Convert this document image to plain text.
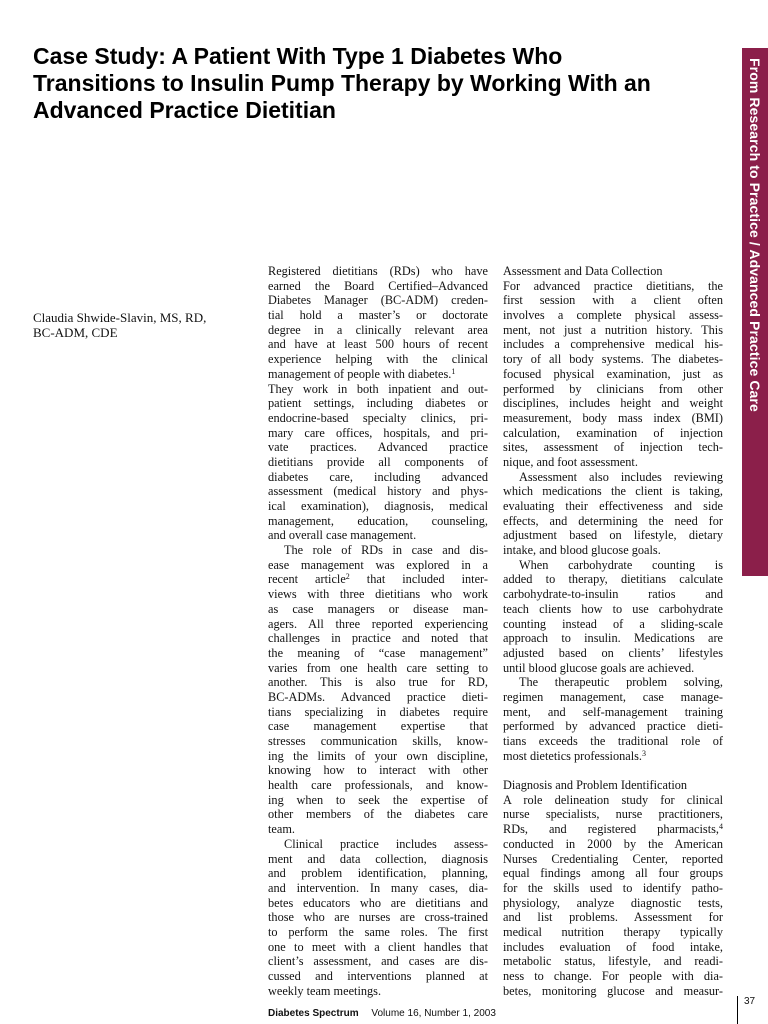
Case Study: A Patient With Type 1 Diabetes Who
Transitions to Insulin Pump Therapy by Working With an
Advanced Practice Dietitian	From Research to Practice / Advanced Practice Care
Claudia Shwide-Slavin, MS, RD,
BC-ADM, CDE
Registered dietitians (RDs) who have
earned the Board Certified–Advanced
Diabetes Manager (BC-ADM) creden-
tial hold a master’s or doctorate
degree in a clinically relevant area
and have at least 500 hours of recent
experience helping with the clinical
management of people with diabetes.$^1$
They work in both inpatient and out-
patient settings, including diabetes or
endocrine-based specialty clinics, pri-
mary care offices, hospitals, and pri-
vate practices. Advanced practice
dietitians provide all components of
diabetes care, including advanced
assessment (medical history and phys-
ical examination), diagnosis, medical
management, education, counseling,
and overall case management.
The role of RDs in case and dis-
ease management was explored in a
recent article$^2$ that included inter-
views with three dietitians who work
as case managers or disease man-
agers. All three reported experiencing
challenges in practice and noted that
the meaning of “case management”
varies from one health care setting to
another. This is also true for RD,
BC-ADMs. Advanced practice dieti-
tians specializing in diabetes require
case management expertise that
stresses communication skills, know-
ing the limits of your own discipline,
knowing how to interact with other
health care professionals, and know-
ing when to seek the expertise of
other members of the diabetes care
team.
Clinical practice includes assess-
ment and data collection, diagnosis
and problem identification, planning,
and intervention. In many cases, dia-
betes educators who are dietitians and
those who are nurses are cross-trained
to perform the same roles. The first
one to meet with a client handles that
client’s assessment, and cases are dis-
cussed and interventions planned at
weekly team meetings.
Assessment and Data Collection
For advanced practice dietitians, the
first session with a client often
involves a complete physical assess-
ment, not just a nutrition history. This
includes a comprehensive medical his-
tory of all body systems. The diabetes-
focused physical examination, just as
performed by clinicians from other
disciplines, includes height and weight
measurement, body mass index (BMI)
calculation, examination of injection
sites, assessment of injection tech-
nique, and foot assessment.
Assessment also includes reviewing
which medications the client is taking,
evaluating their effectiveness and side
effects, and determining the need for
adjustment based on lifestyle, dietary
intake, and blood glucose goals.
When carbohydrate counting is
added to therapy, dietitians calculate
carbohydrate-to-insulin ratios and
teach clients how to use carbohydrate
counting instead of a sliding-scale
approach to insulin. Medications are
adjusted based on clients’ lifestyles
until blood glucose goals are achieved.
The therapeutic problem solving,
regimen management, case manage-
ment, and self-management training
performed by advanced practice dieti-
tians exceeds the traditional role of
most dietetics professionals.$^3$
Diagnosis and Problem Identification
A role delineation study for clinical
nurse specialists, nurse practitioners,
RDs, and registered pharmacists,$^4$
conducted in 2000 by the American
Nurses Credentialing Center, reported
equal findings among all four groups
for the skills used to identify patho-
physiology, analyze diagnostic tests,
and list problems. Assessment for
medical nutrition therapy typically
includes evaluation of food intake,
metabolic status, lifestyle, and readi-
ness to change. For people with dia-
betes, monitoring glucose and measur-
Diabetes Spectrum Volume 16, Number 1, 2003
37
